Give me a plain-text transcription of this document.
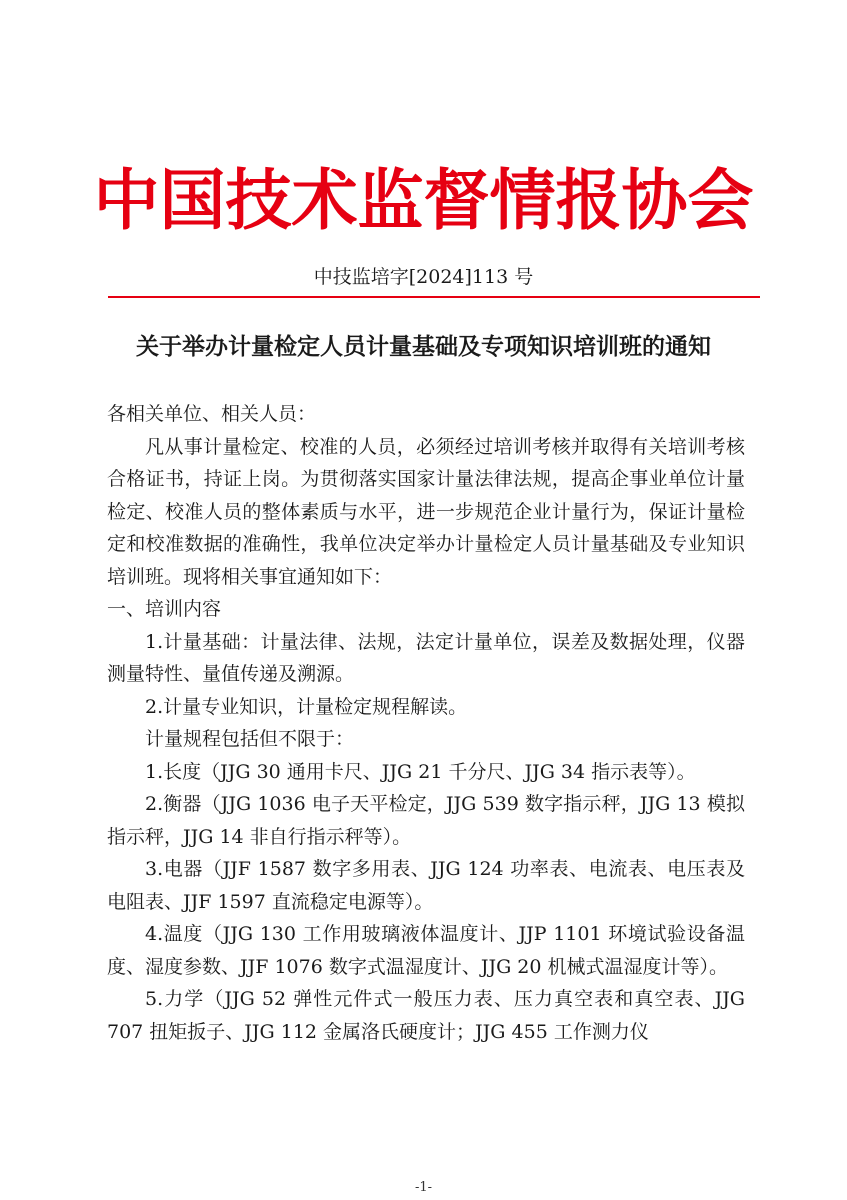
中国技术监督情报协会
中技监培字[2024]113 号
关于举办计量检定人员计量基础及专项知识培训班的通知

各相关单位、相关人员：

凡从事计量检定、校准的人员，必须经过培训考核并取得有关培训考核合格证书，持证上岗。为贯彻落实国家计量法律法规，提高企事业单位计量检定、校准人员的整体素质与水平，进一步规范企业计量行为，保证计量检定和校准数据的准确性，我单位决定举办计量检定人员计量基础及专业知识培训班。现将相关事宜通知如下：

一、培训内容

1.计量基础：计量法律、法规，法定计量单位，误差及数据处理，仪器测量特性、量值传递及溯源。

2.计量专业知识，计量检定规程解读。

计量规程包括但不限于：

1.长度（JJG 30 通用卡尺、JJG 21 千分尺、JJG 34 指示表等）。

2.衡器（JJG 1036 电子天平检定，JJG 539 数字指示秤，JJG 13 模拟指示秤，JJG 14 非自行指示秤等）。

3.电器（JJF 1587 数字多用表、JJG 124 功率表、电流表、电压表及电阻表、JJF 1597 直流稳定电源等）。

4.温度（JJG 130 工作用玻璃液体温度计、JJP 1101 环境试验设备温度、湿度参数、JJF 1076 数字式温湿度计、JJG 20 机械式温湿度计等）。

5.力学（JJG 52 弹性元件式一般压力表、压力真空表和真空表、JJG 707 扭矩扳子、JJG 112 金属洛氏硬度计；JJG 455 工作测力仪

-1-
